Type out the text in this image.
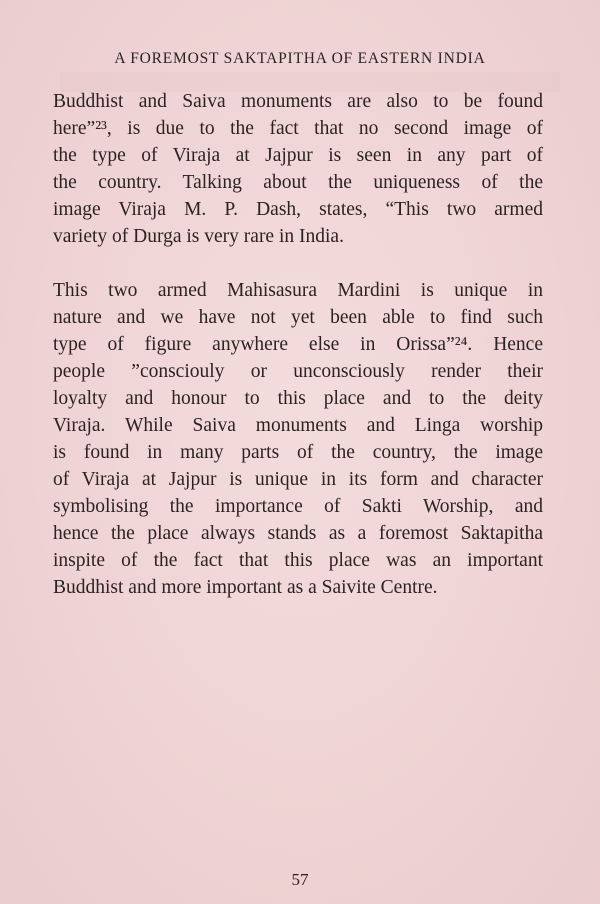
A FOREMOST SAKTAPITHA OF EASTERN INDIA
Buddhist and Saiva monuments are also to be found
here”²³, is due to the fact that no second image of
the type of Viraja at Jajpur is seen in any part of
the country. Talking about the uniqueness of the
image Viraja M. P. Dash, states, “This two armed
variety of Durga is very rare in India.
This two armed Mahisasura Mardini is unique in
nature and we have not yet been able to find such
type of figure anywhere else in Orissa”²⁴. Hence
people ”consciouly or unconsciously render their
loyalty and honour to this place and to the deity
Viraja. While Saiva monuments and Linga worship
is found in many parts of the country, the image
of Viraja at Jajpur is unique in its form and character
symbolising the importance of Sakti Worship, and
hence the place always stands as a foremost Saktapitha
inspite of the fact that this place was an important
Buddhist and more important as a Saivite Centre.
57
